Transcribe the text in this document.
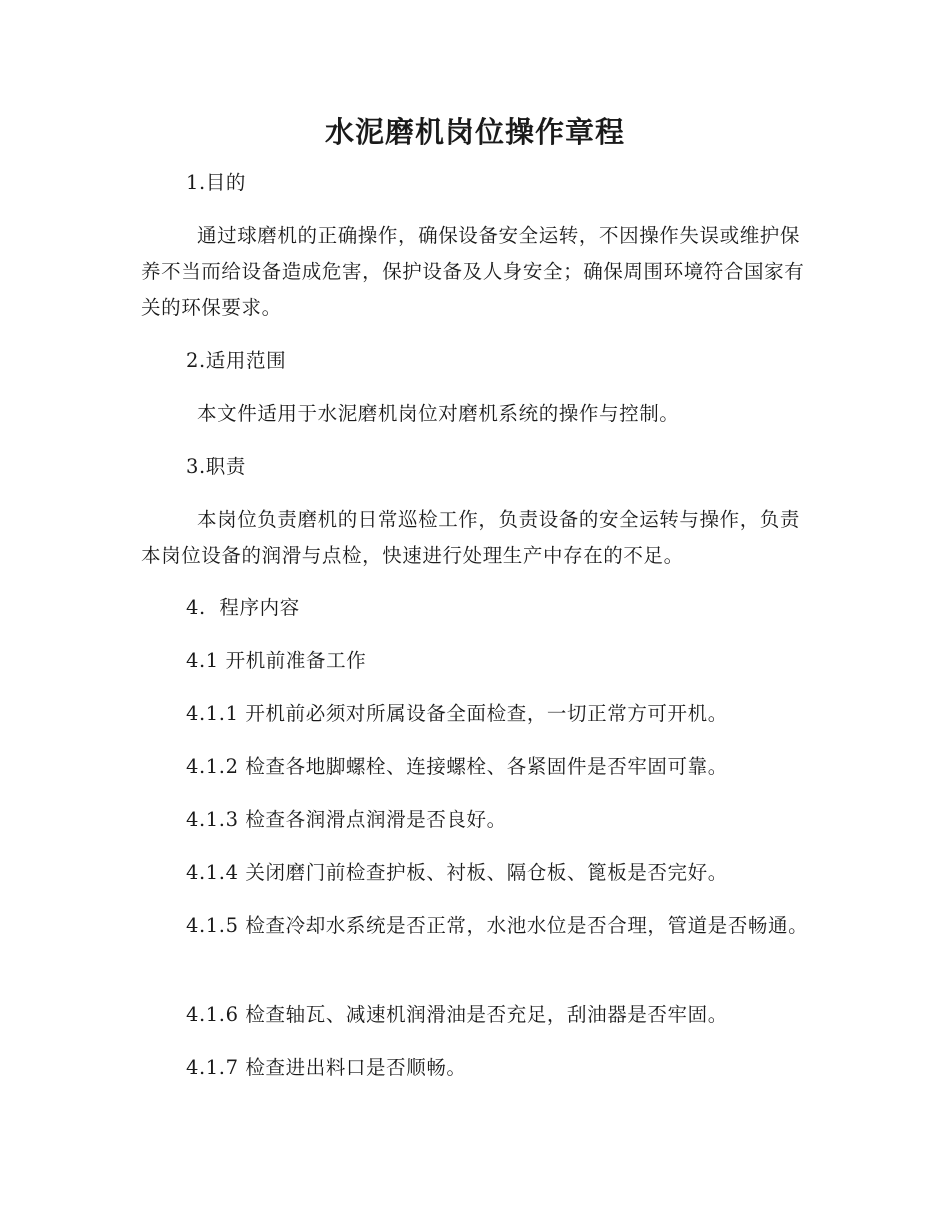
水泥磨机岗位操作章程

1.目的

通过球磨机的正确操作，确保设备安全运转，不因操作失误或维护保养不当而给设备造成危害，保护设备及人身安全；确保周围环境符合国家有关的环保要求。

2.适用范围

本文件适用于水泥磨机岗位对磨机系统的操作与控制。

3.职责

本岗位负责磨机的日常巡检工作，负责设备的安全运转与操作，负责本岗位设备的润滑与点检，快速进行处理生产中存在的不足。

4.  程序内容

4.1 开机前准备工作

4.1.1 开机前必须对所属设备全面检查，一切正常方可开机。

4.1.2 检查各地脚螺栓、连接螺栓、各紧固件是否牢固可靠。

4.1.3 检查各润滑点润滑是否良好。

4.1.4 关闭磨门前检查护板、衬板、隔仓板、篦板是否完好。

4.1.5 检查冷却水系统是否正常，水池水位是否合理，管道是否畅通。

4.1.6 检查轴瓦、减速机润滑油是否充足，刮油器是否牢固。

4.1.7 检查进出料口是否顺畅。
